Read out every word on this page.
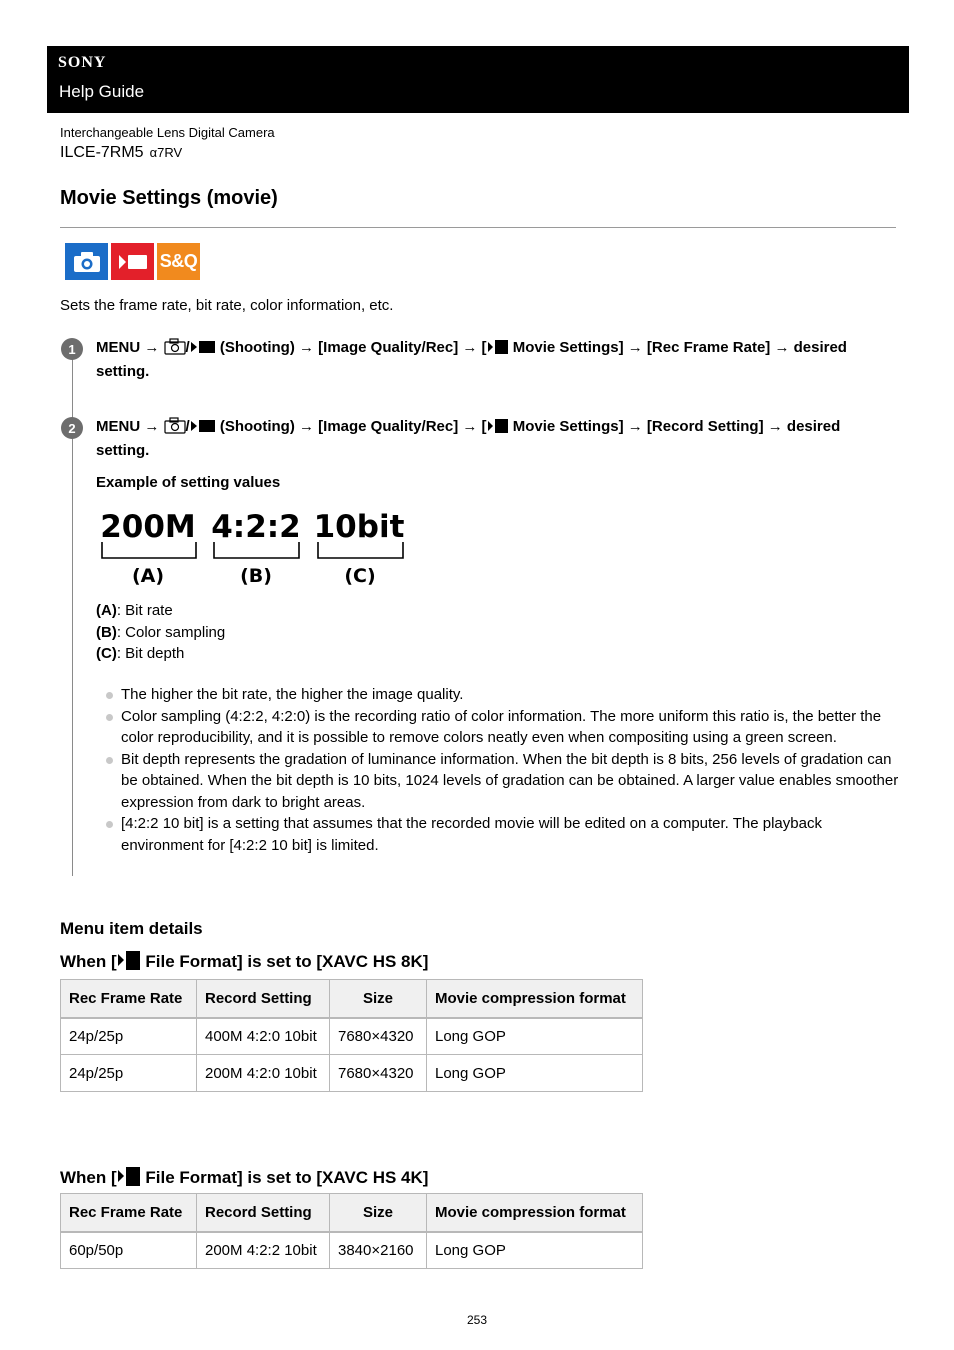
SONY
Help Guide
Interchangeable Lens Digital Camera
ILCE-7RM5 α7RV
Movie Settings (movie)
S&Q
Sets the frame rate, bit rate, color information, etc.
1
2
MENU → / (Shooting) → [Image Quality/Rec] → [ Movie Settings] → [Rec Frame Rate] → desired
setting.
MENU → / (Shooting) → [Image Quality/Rec] → [ Movie Settings] → [Record Setting] → desired
setting.
Example of setting values
200M 4:2:2 10bit
(A)	(B)	(C)
(A): Bit rate
(B): Color sampling
(C): Bit depth
The higher the bit rate, the higher the image quality.
Color sampling (4:2:2, 4:2:0) is the recording ratio of color information. The more uniform this ratio is, the better the color reproducibility, and it is possible to remove colors neatly even when compositing using a green screen.
Bit depth represents the gradation of luminance information. When the bit depth is 8 bits, 256 levels of gradation can be obtained. When the bit depth is 10 bits, 1024 levels of gradation can be obtained. A larger value enables smoother expression from dark to bright areas.
[4:2:2 10 bit] is a setting that assumes that the recorded movie will be edited on a computer. The playback environment for [4:2:2 10 bit] is limited.
Menu item details
When [ File Format] is set to [XAVC HS 8K]
Rec Frame Rate	Record Setting	Size	Movie compression format
24p/25p	400M 4:2:0 10bit	7680×4320	Long GOP
24p/25p	200M 4:2:0 10bit	7680×4320	Long GOP
When [ File Format] is set to [XAVC HS 4K]
Rec Frame Rate	Record Setting	Size	Movie compression format
60p/50p	200M 4:2:2 10bit	3840×2160	Long GOP
253
